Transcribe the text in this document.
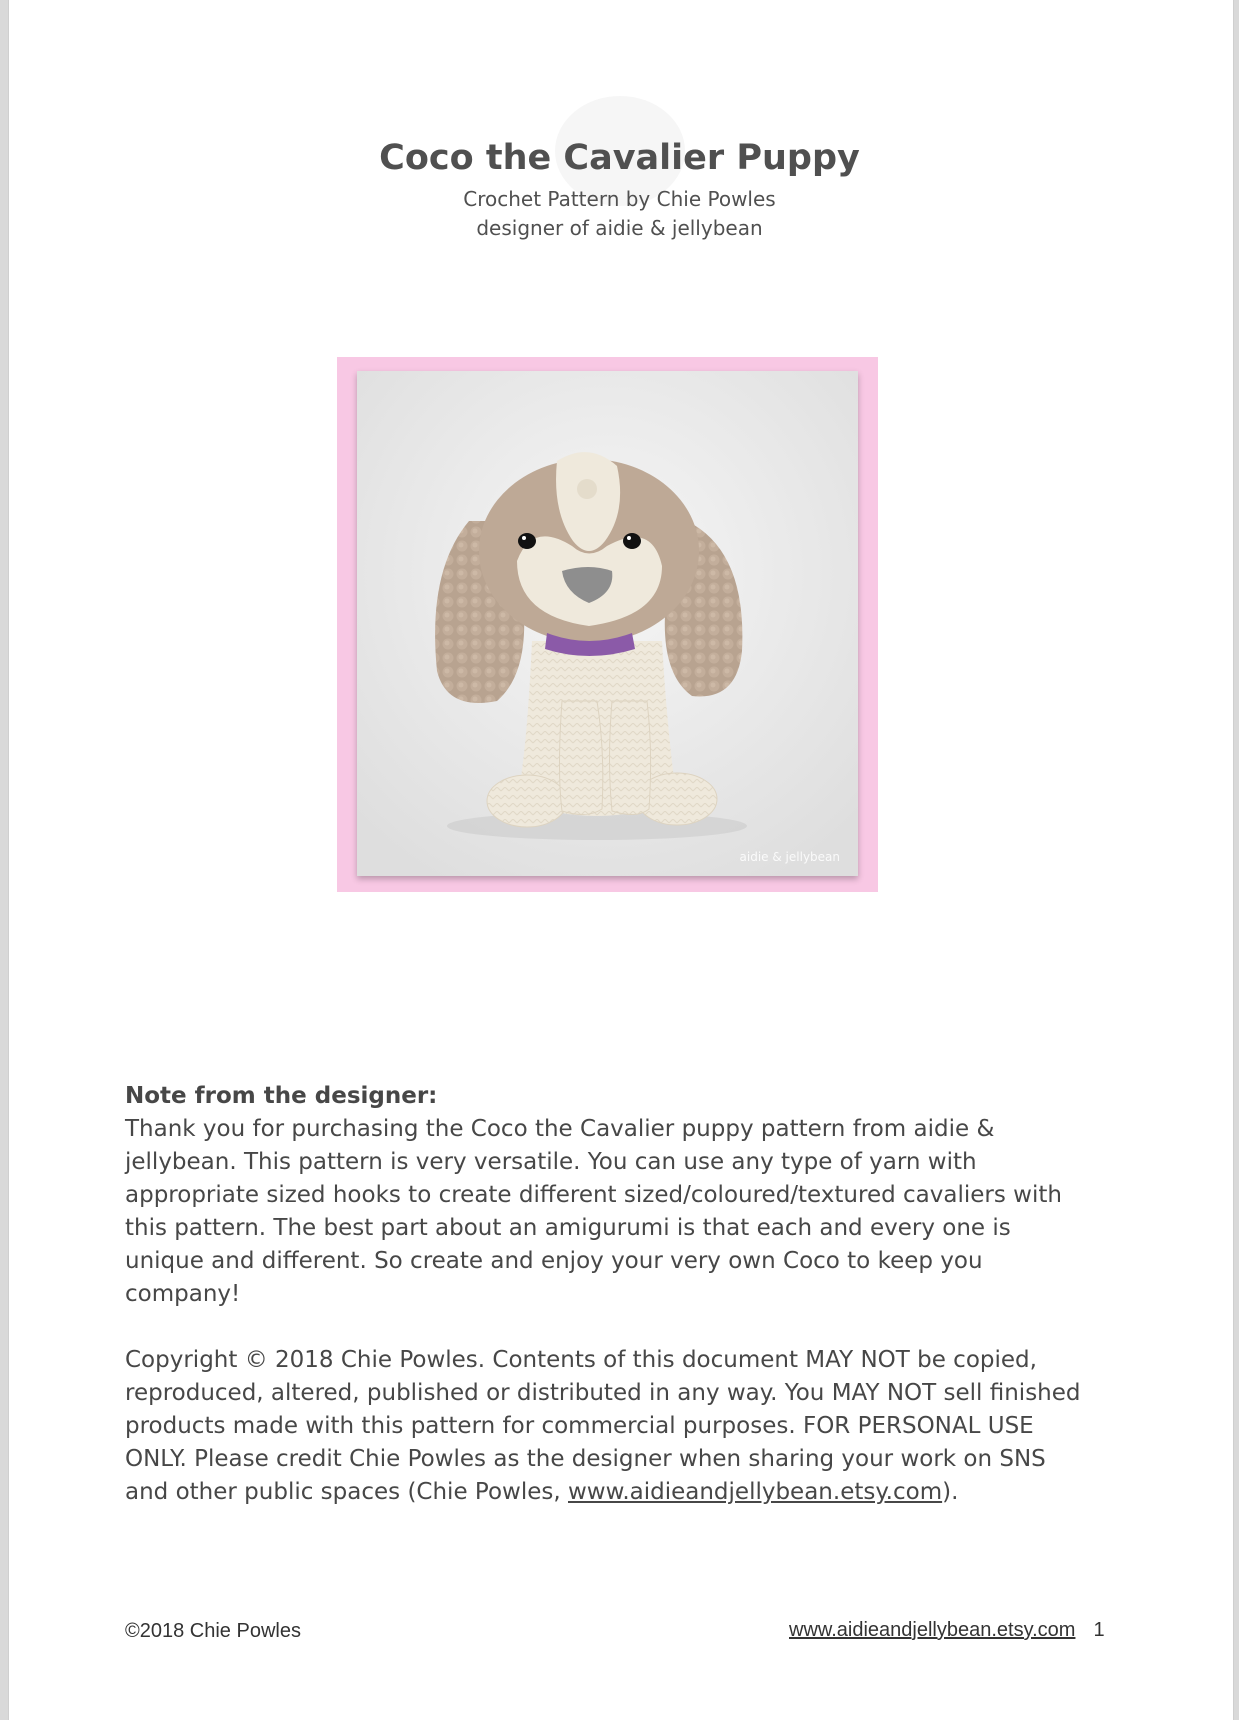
Coco the Cavalier Puppy
Crochet Pattern by Chie Powles
designer of aidie & jellybean
aidie & jellybean
Note from the designer:

Thank you for purchasing the Coco the Cavalier puppy pattern from aidie & jellybean. This pattern is very versatile. You can use any type of yarn with appropriate sized hooks to create different sized/coloured/textured cavaliers with this pattern. The best part about an amigurumi is that each and every one is unique and different. So create and enjoy your very own Coco to keep you company!

Copyright © 2018 Chie Powles. Contents of this document MAY NOT be copied, reproduced, altered, published or distributed in any way. You MAY NOT sell finished products made with this pattern for commercial purposes. FOR PERSONAL USE ONLY. Please credit Chie Powles as the designer when sharing your work on SNS and other public spaces (Chie Powles, www.aidieandjellybean.etsy.com).

©2018 Chie Powles	www.aidieandjellybean.etsy.com 1
